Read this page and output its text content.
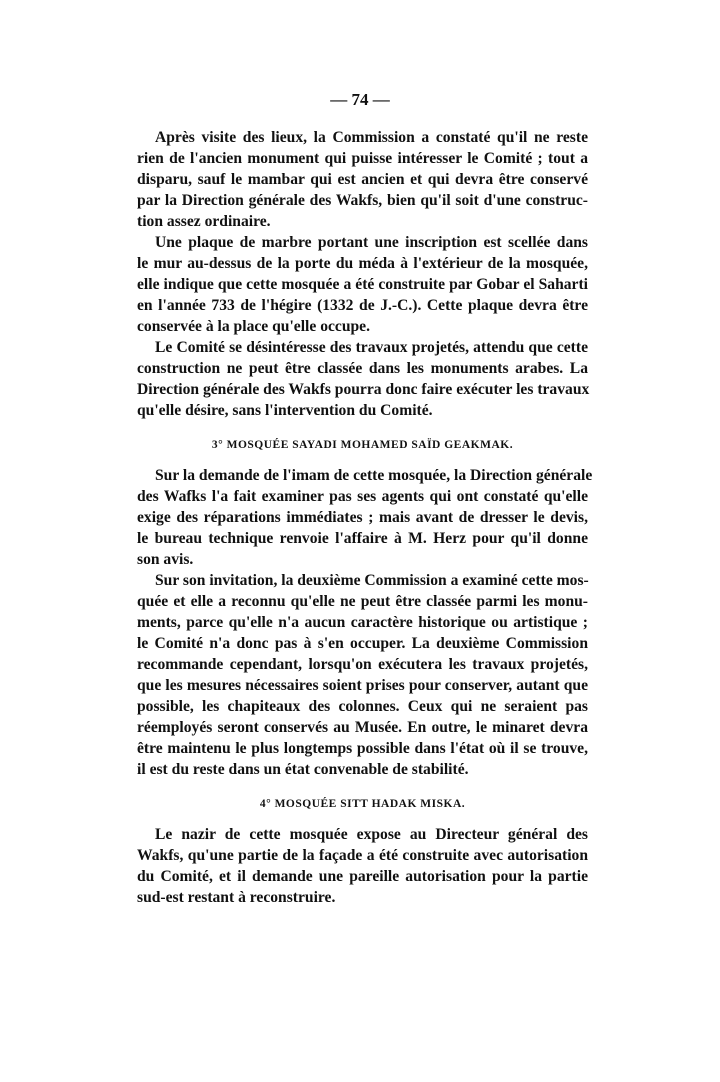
— 74 —
Après visite des lieux, la Commission a constaté qu'il ne reste
rien de l'ancien monument qui puisse intéresser le Comité ; tout a
disparu, sauf le mambar qui est ancien et qui devra être conservé
par la Direction générale des Wakfs, bien qu'il soit d'une construc-
tion assez ordinaire.
Une plaque de marbre portant une inscription est scellée dans
le mur au-dessus de la porte du méda à l'extérieur de la mosquée,
elle indique que cette mosquée a été construite par Gobar el Saharti
en l'année 733 de l'hégire (1332 de J.-C.). Cette plaque devra être
conservée à la place qu'elle occupe.
Le Comité se désintéresse des travaux projetés, attendu que cette
construction ne peut être classée dans les monuments arabes. La
Direction générale des Wakfs pourra donc faire exécuter les travaux
qu'elle désire, sans l'intervention du Comité.
3° MOSQUÉE SAYADI MOHAMED SAÏD GEAKMAK.
Sur la demande de l'imam de cette mosquée, la Direction générale
des Wafks l'a fait examiner pas ses agents qui ont constaté qu'elle
exige des réparations immédiates ; mais avant de dresser le devis,
le bureau technique renvoie l'affaire à M. Herz pour qu'il donne
son avis.
Sur son invitation, la deuxième Commission a examiné cette mos-
quée et elle a reconnu qu'elle ne peut être classée parmi les monu-
ments, parce qu'elle n'a aucun caractère historique ou artistique ;
le Comité n'a donc pas à s'en occuper. La deuxième Commission
recommande cependant, lorsqu'on exécutera les travaux projetés,
que les mesures nécessaires soient prises pour conserver, autant que
possible, les chapiteaux des colonnes. Ceux qui ne seraient pas
réemployés seront conservés au Musée. En outre, le minaret devra
être maintenu le plus longtemps possible dans l'état où il se trouve,
il est du reste dans un état convenable de stabilité.
4° MOSQUÉE SITT HADAK MISKA.
Le nazir de cette mosquée expose au Directeur général des
Wakfs, qu'une partie de la façade a été construite avec autorisation
du Comité, et il demande une pareille autorisation pour la partie
sud-est restant à reconstruire.
